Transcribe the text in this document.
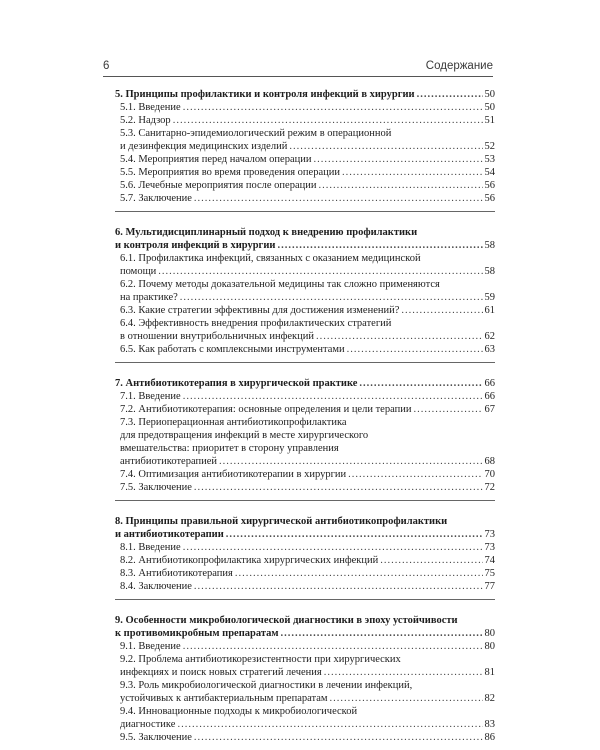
6	Содержание
5. Принципы профилактики и контроля инфекций в хирургии .....	50
5.1. Введение .....	50
5.2. Надзор .....	51
5.3. Санитарно-эпидемиологический режим в операционной
и дезинфекция медицинских изделий .....	52
5.4. Мероприятия перед началом операции .....	53
5.5. Мероприятия во время проведения операции .....	54
5.6. Лечебные мероприятия после операции .....	56
5.7. Заключение .....	56
6. Мультидисциплинарный подход к внедрению профилактики
и контроля инфекций в хирургии .....	58
6.1. Профилактика инфекций, связанных с оказанием медицинской
помощи .....	58
6.2. Почему методы доказательной медицины так сложно применяются
на практике? .....	59
6.3. Какие стратегии эффективны для достижения изменений? .....	61
6.4. Эффективность внедрения профилактических стратегий
в отношении внутрибольничных инфекций .....	62
6.5. Как работать с комплексными инструментами .....	63
7. Антибиотикотерапия в хирургической практике .....	66
7.1. Введение .....	66
7.2. Антибиотикотерапия: основные определения и цели терапии .....	67
7.3. Периоперационная антибиотикопрофилактика
для предотвращения инфекций в месте хирургического
вмешательства: приоритет в сторону управления
антибиотикотерапией .....	68
7.4. Оптимизация антибиотикотерапии в хирургии .....	70
7.5. Заключение .....	72
8. Принципы правильной хирургической антибиотикопрофилактики
и антибиотикотерапии .....	73
8.1. Введение .....	73
8.2. Антибиотикопрофилактика хирургических инфекций .....	74
8.3. Антибиотикотерапия .....	75
8.4. Заключение .....	77
9. Особенности микробиологической диагностики в эпоху устойчивости
к противомикробным препаратам .....	80
9.1. Введение .....	80
9.2. Проблема антибиотикорезистентности при хирургических
инфекциях и поиск новых стратегий лечения .....	81
9.3. Роль микробиологической диагностики в лечении инфекций,
устойчивых к антибактериальным препаратам .....	82
9.4. Инновационные подходы к микробиологической
диагностике .....	83
9.5. Заключение .....	86
